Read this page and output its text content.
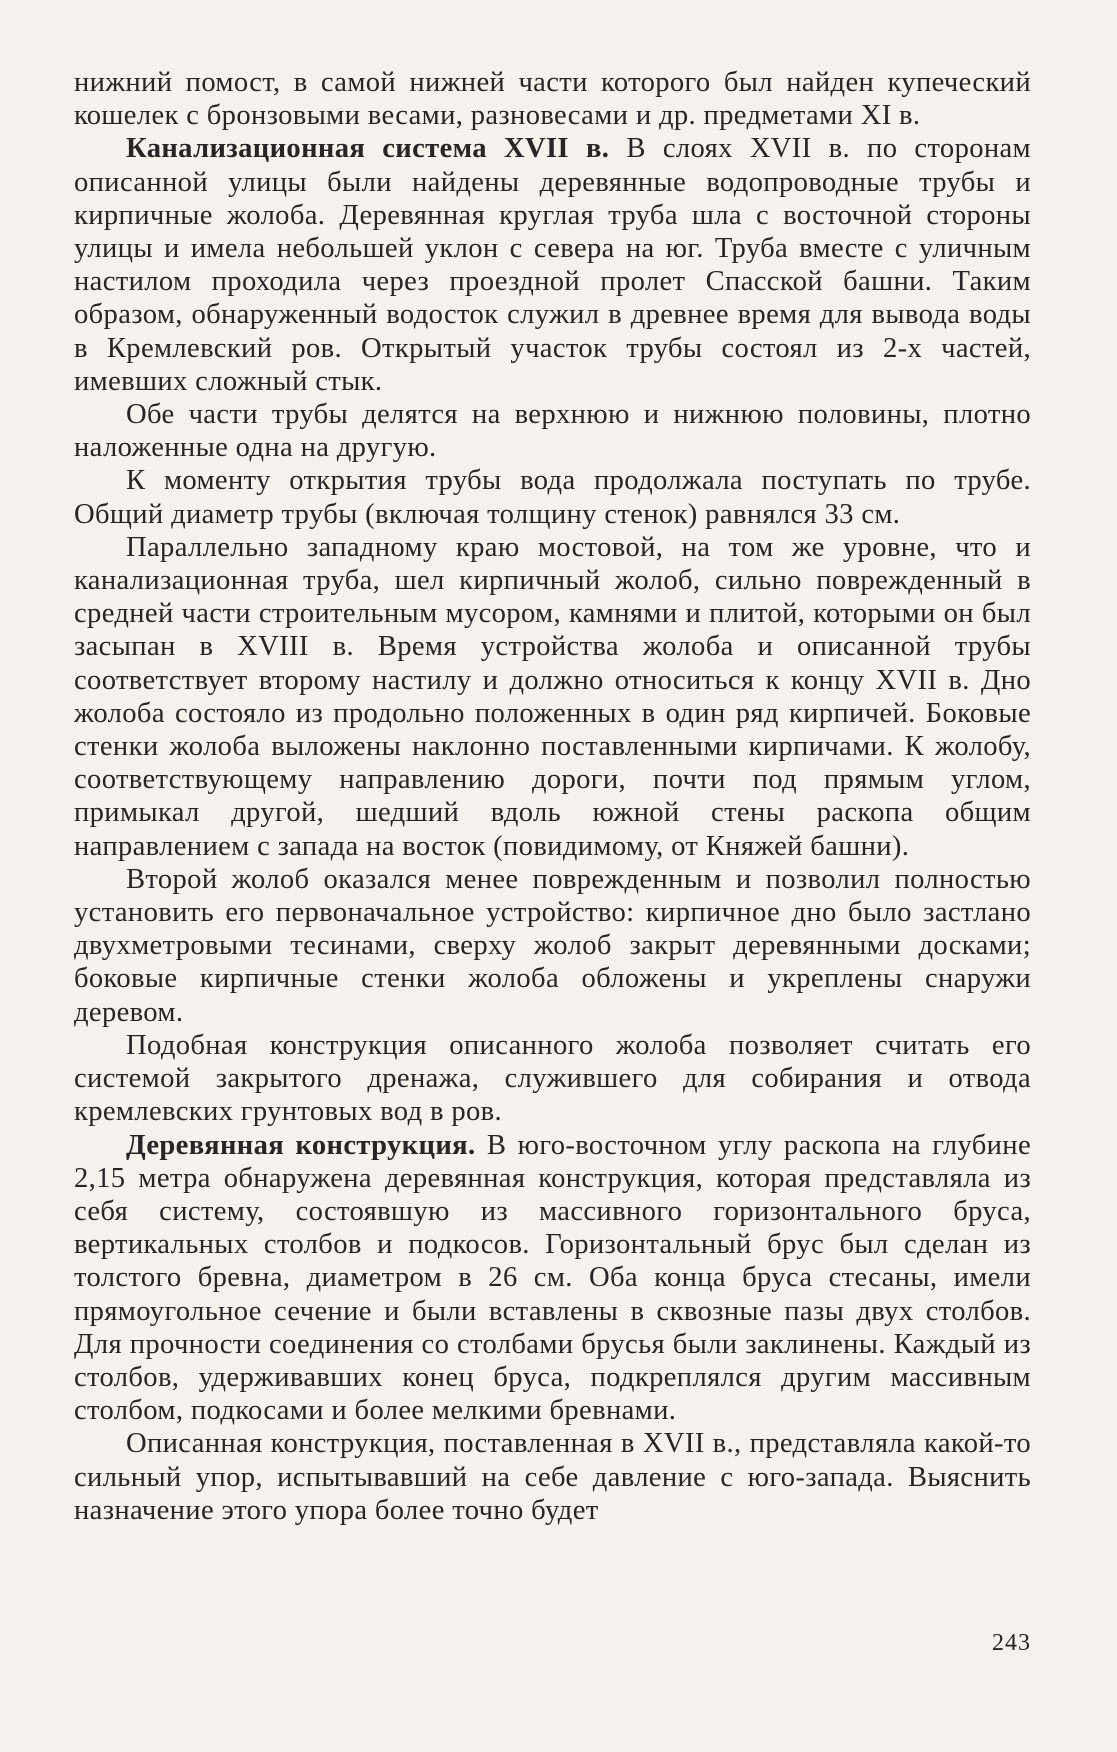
нижний помост, в самой нижней части которого был найден купеческий кошелек с бронзовыми весами, разновесами и др. предметами XI в.

Канализационная система XVII в. В слоях XVII в. по сторонам описанной улицы были найдены деревянные водопроводные трубы и кирпичные жолоба. Деревянная круглая труба шла с восточной стороны улицы и имела небольшей уклон с севера на юг. Труба вместе с уличным настилом проходила через проездной пролет Спасской башни. Таким образом, обнаруженный водосток служил в древнее время для вывода воды в Кремлевский ров. Открытый участок трубы состоял из 2-х частей, имевших сложный стык.

Обе части трубы делятся на верхнюю и нижнюю половины, плотно наложенные одна на другую.

К моменту открытия трубы вода продолжала поступать по трубе. Общий диаметр трубы (включая толщину стенок) равнялся 33 см.

Параллельно западному краю мостовой, на том же уровне, что и канализационная труба, шел кирпичный жолоб, сильно поврежденный в средней части строительным мусором, камнями и плитой, которыми он был засыпан в XVIII в. Время устройства жолоба и описанной трубы соответствует второму настилу и должно относиться к концу XVII в. Дно жолоба состояло из продольно положенных в один ряд кирпичей. Боковые стенки жолоба выложены наклонно поставленными кирпичами. К жолобу, соответствующему направлению дороги, почти под прямым углом, примыкал другой, шедший вдоль южной стены раскопа общим направлением с запада на восток (повидимому, от Княжей башни).

Второй жолоб оказался менее поврежденным и позволил полностью установить его первоначальное устройство: кирпичное дно было застлано двухметровыми тесинами, сверху жолоб закрыт деревянными досками; боковые кирпичные стенки жолоба обложены и укреплены снаружи деревом.

Подобная конструкция описанного жолоба позволяет считать его системой закрытого дренажа, служившего для собирания и отвода кремлевских грунтовых вод в ров.

Деревянная конструкция. В юго-восточном углу раскопа на глубине 2,15 метра обнаружена деревянная конструкция, которая представляла из себя систему, состоявшую из массивного горизонтального бруса, вертикальных столбов и подкосов. Горизонтальный брус был сделан из толстого бревна, диаметром в 26 см. Оба конца бруса стесаны, имели прямоугольное сечение и были вставлены в сквозные пазы двух столбов. Для прочности соединения со столбами брусья были заклинены. Каждый из столбов, удерживавших конец бруса, подкреплялся другим массивным столбом, подкосами и более мелкими бревнами.

Описанная конструкция, поставленная в XVII в., представляла какой-то сильный упор, испытывавший на себе давление с юго-запада. Выяснить назначение этого упора более точно будет

243
